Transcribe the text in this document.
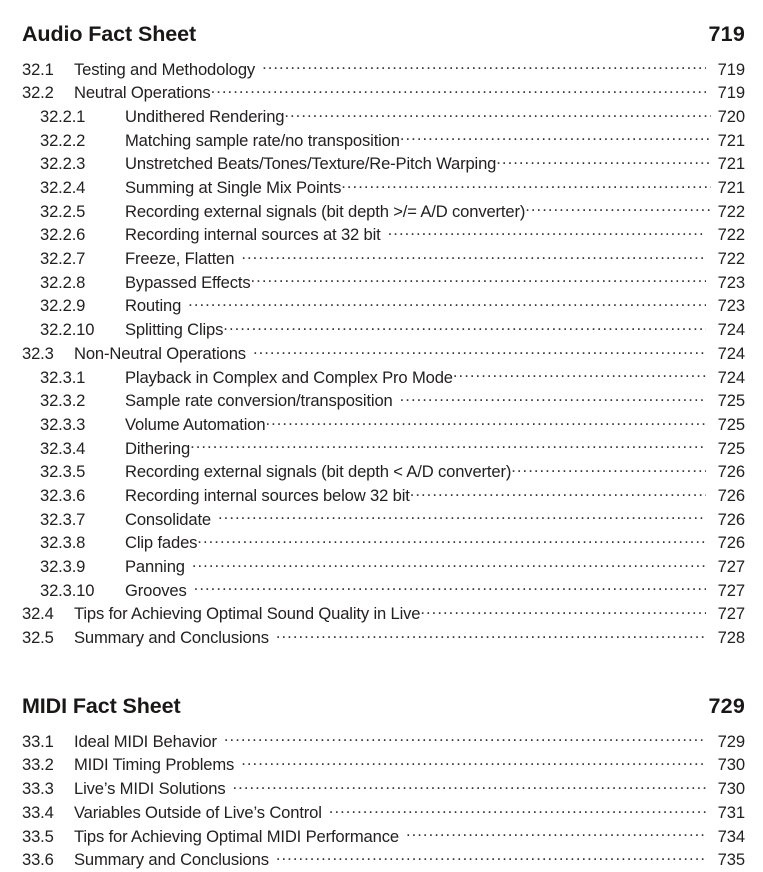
Audio Fact Sheet	719
32.1	Testing and Methodology .....	719
32.2	Neutral Operations .....	719
32.2.1	Undithered Rendering .....	720
32.2.2	Matching sample rate/no transposition .....	721
32.2.3	Unstretched Beats/Tones/Texture/Re-Pitch Warping .....	721
32.2.4	Summing at Single Mix Points .....	721
32.2.5	Recording external signals (bit depth >/= A/D converter) .....	722
32.2.6	Recording internal sources at 32 bit .....	722
32.2.7	Freeze, Flatten .....	722
32.2.8	Bypassed Effects .....	723
32.2.9	Routing .....	723
32.2.10	Splitting Clips .....	724
32.3	Non-Neutral Operations .....	724
32.3.1	Playback in Complex and Complex Pro Mode .....	724
32.3.2	Sample rate conversion/transposition .....	725
32.3.3	Volume Automation .....	725
32.3.4	Dithering .....	725
32.3.5	Recording external signals (bit depth < A/D converter) .....	726
32.3.6	Recording internal sources below 32 bit .....	726
32.3.7	Consolidate .....	726
32.3.8	Clip fades .....	726
32.3.9	Panning .....	727
32.3.10	Grooves .....	727
32.4	Tips for Achieving Optimal Sound Quality in Live .....	727
32.5	Summary and Conclusions .....	728
MIDI Fact Sheet	729
33.1	Ideal MIDI Behavior .....	729
33.2	MIDI Timing Problems .....	730
33.3	Live’s MIDI Solutions .....	730
33.4	Variables Outside of Live’s Control .....	731
33.5	Tips for Achieving Optimal MIDI Performance .....	734
33.6	Summary and Conclusions .....	735
